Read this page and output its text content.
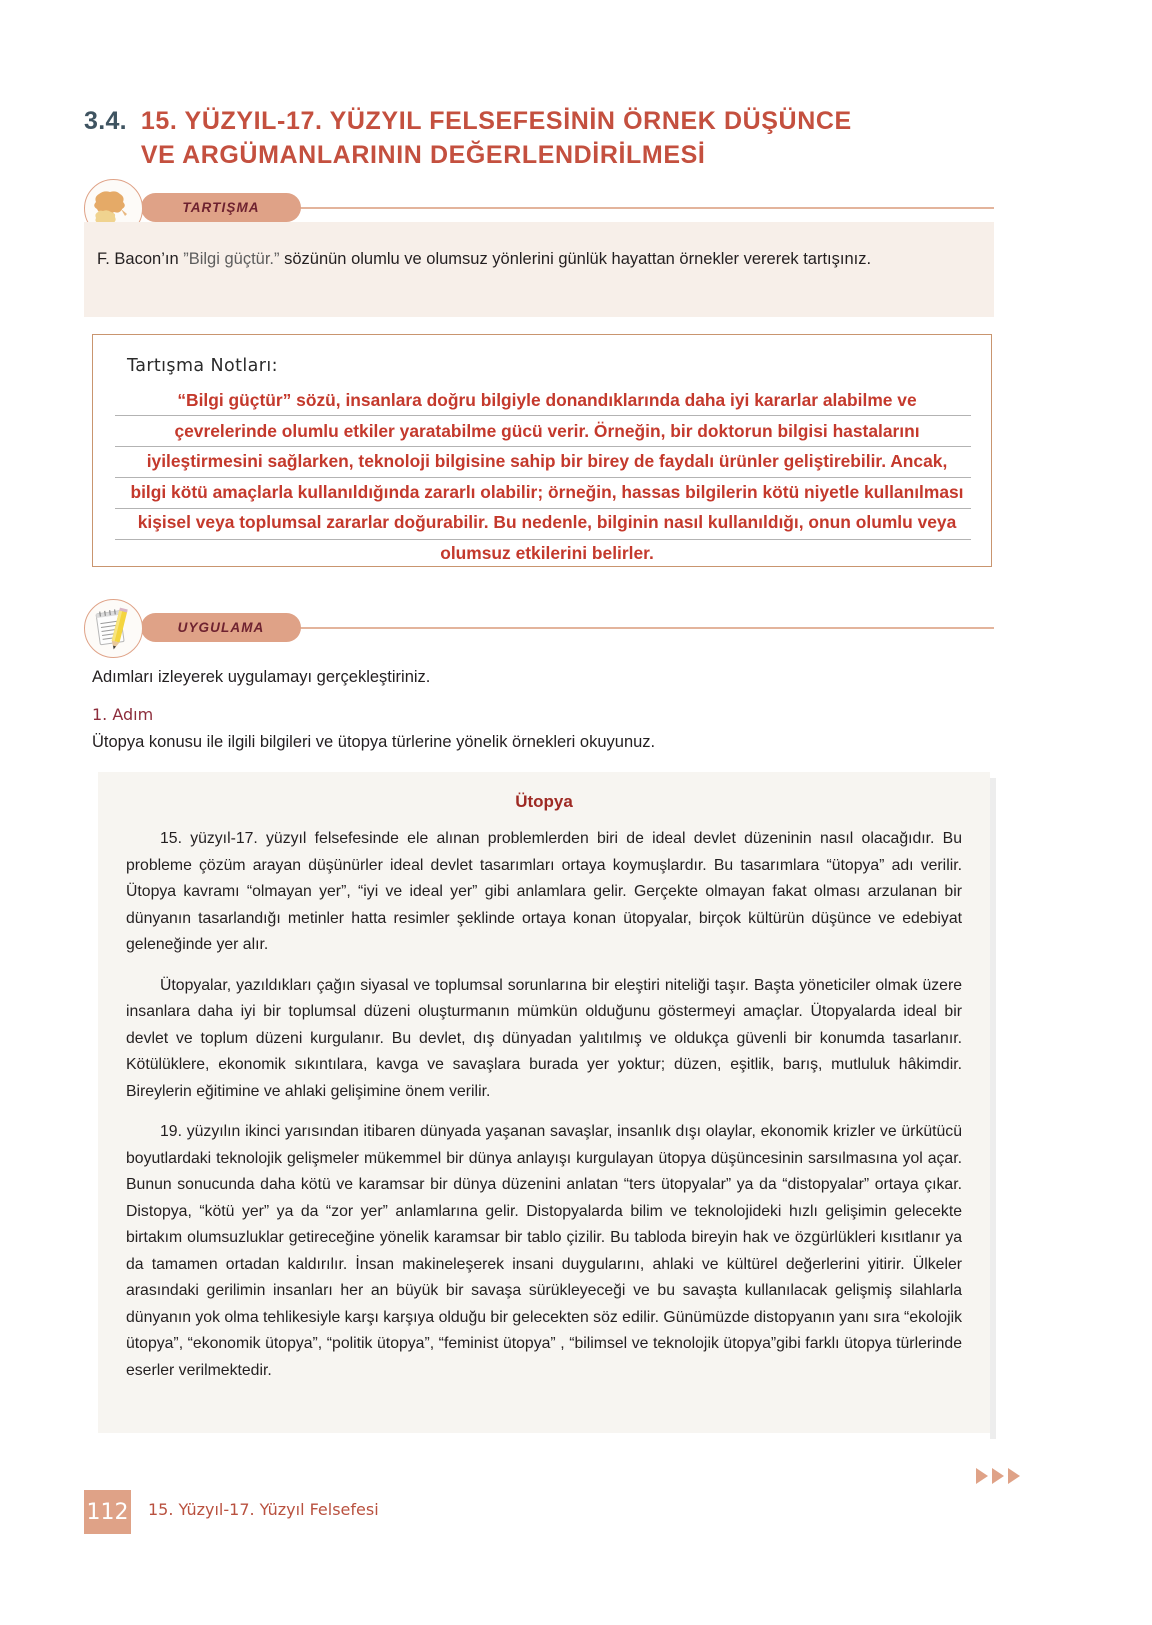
3.4. 15. YÜZYIL-17. YÜZYIL FELSEFESİNİN ÖRNEK DÜŞÜNCE
VE ARGÜMANLARININ DEĞERLENDİRİLMESİ
TARTIŞMA
F. Bacon’ın ”Bilgi güçtür.” sözünün olumlu ve olumsuz yönlerini günlük hayattan örnekler vererek tartışınız.
Tartışma Notları:
“Bilgi güçtür” sözü, insanlara doğru bilgiyle donandıklarında daha iyi kararlar alabilme ve çevrelerinde olumlu etkiler yaratabilme gücü verir. Örneğin, bir doktorun bilgisi hastalarını iyileştirmesini sağlarken, teknoloji bilgisine sahip bir birey de faydalı ürünler geliştirebilir. Ancak, bilgi kötü amaçlarla kullanıldığında zararlı olabilir; örneğin, hassas bilgilerin kötü niyetle kullanılması kişisel veya toplumsal zararlar doğurabilir. Bu nedenle, bilginin nasıl kullanıldığı, onun olumlu veya olumsuz etkilerini belirler.
UYGULAMA
Adımları izleyerek uygulamayı gerçekleştiriniz.
1. Adım
Ütopya konusu ile ilgili bilgileri ve ütopya türlerine yönelik örnekleri okuyunuz.
Ütopya

15. yüzyıl-17. yüzyıl felsefesinde ele alınan problemlerden biri de ideal devlet düzeninin nasıl olacağıdır. Bu probleme çözüm arayan düşünürler ideal devlet tasarımları ortaya koymuşlardır. Bu tasarımlara “ütopya” adı verilir. Ütopya kavramı “olmayan yer”, “iyi ve ideal yer” gibi anlamlara gelir. Gerçekte olmayan fakat olması arzulanan bir dünyanın tasarlandığı metinler hatta resimler şeklinde ortaya konan ütopyalar, birçok kültürün düşünce ve edebiyat geleneğinde yer alır.

Ütopyalar, yazıldıkları çağın siyasal ve toplumsal sorunlarına bir eleştiri niteliği taşır. Başta yöneticiler olmak üzere insanlara daha iyi bir toplumsal düzeni oluşturmanın mümkün olduğunu göstermeyi amaçlar. Ütopyalarda ideal bir devlet ve toplum düzeni kurgulanır. Bu devlet, dış dünyadan yalıtılmış ve oldukça güvenli bir konumda tasarlanır. Kötülüklere, ekonomik sıkıntılara, kavga ve savaşlara burada yer yoktur; düzen, eşitlik, barış, mutluluk hâkimdir. Bireylerin eğitimine ve ahlaki gelişimine önem verilir.

19. yüzyılın ikinci yarısından itibaren dünyada yaşanan savaşlar, insanlık dışı olaylar, ekonomik krizler ve ürkütücü boyutlardaki teknolojik gelişmeler mükemmel bir dünya anlayışı kurgulayan ütopya düşüncesinin sarsılmasına yol açar. Bunun sonucunda daha kötü ve karamsar bir dünya düzenini anlatan “ters ütopyalar” ya da “distopyalar” ortaya çıkar. Distopya, “kötü yer” ya da “zor yer” anlamlarına gelir. Distopyalarda bilim ve teknolojideki hızlı gelişimin gelecekte birtakım olumsuzluklar getireceğine yönelik karamsar bir tablo çizilir. Bu tabloda bireyin hak ve özgürlükleri kısıtlanır ya da tamamen ortadan kaldırılır. İnsan makineleşerek insani duygularını, ahlaki ve kültürel değerlerini yitirir. Ülkeler arasındaki gerilimin insanları her an büyük bir savaşa sürükleyeceği ve bu savaşta kullanılacak gelişmiş silahlarla dünyanın yok olma tehlikesiyle karşı karşıya olduğu bir gelecekten söz edilir. Günümüzde distopyanın yanı sıra “ekolojik ütopya”, “ekonomik ütopya”, “politik ütopya”, “feminist ütopya” , “bilimsel ve teknolojik ütopya”gibi farklı ütopya türlerinde eserler verilmektedir.

112 15. Yüzyıl-17. Yüzyıl Felsefesi
